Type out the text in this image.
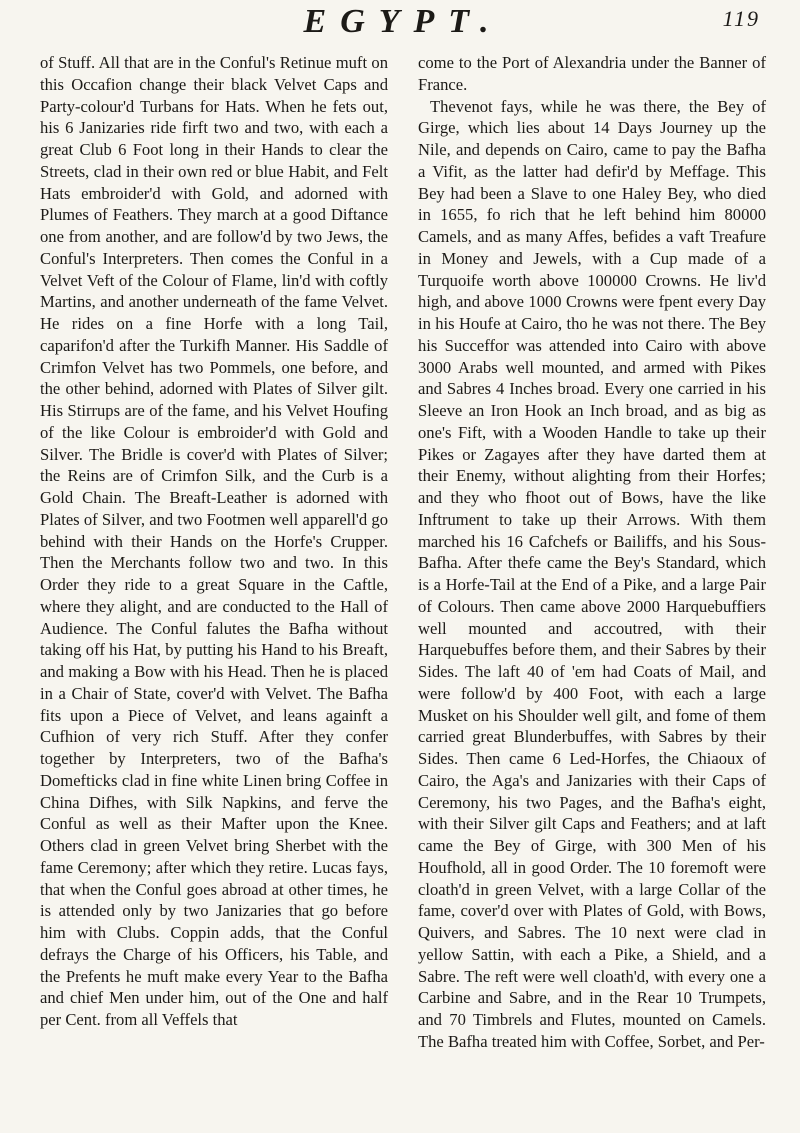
EGYPT.	119

of Stuff. All that are in the Conful's Retinue muft on this Occafion change their black Velvet Caps and Party-colour'd Turbans for Hats. When he fets out, his 6 Janizaries ride firft two and two, with each a great Club 6 Foot long in their Hands to clear the Streets, clad in their own red or blue Habit, and Felt Hats embroider'd with Gold, and adorned with Plumes of Feathers. They march at a good Diftance one from another, and are follow'd by two Jews, the Conful's Interpreters. Then comes the Conful in a Velvet Veft of the Colour of Flame, lin'd with coftly Martins, and another underneath of the fame Velvet. He rides on a fine Horfe with a long Tail, caparifon'd after the Turkifh Manner. His Saddle of Crimfon Velvet has two Pommels, one before, and the other behind, adorned with Plates of Silver gilt. His Stirrups are of the fame, and his Velvet Houfing of the like Colour is embroider'd with Gold and Silver. The Bridle is cover'd with Plates of Silver; the Reins are of Crimfon Silk, and the Curb is a Gold Chain. The Breaft-Leather is adorned with Plates of Silver, and two Footmen well apparell'd go behind with their Hands on the Horfe's Crupper. Then the Merchants follow two and two. In this Order they ride to a great Square in the Caftle, where they alight, and are conducted to the Hall of Audience. The Conful falutes the Bafha without taking off his Hat, by putting his Hand to his Breaft, and making a Bow with his Head. Then he is placed in a Chair of State, cover'd with Velvet. The Bafha fits upon a Piece of Velvet, and leans againft a Cufhion of very rich Stuff. After they confer together by Interpreters, two of the Bafha's Domefticks clad in fine white Linen bring Coffee in China Difhes, with Silk Napkins, and ferve the Conful as well as their Mafter upon the Knee. Others clad in green Velvet bring Sherbet with the fame Ceremony; after which they retire. Lucas fays, that when the Conful goes abroad at other times, he is attended only by two Janizaries that go before him with Clubs. Coppin adds, that the Conful defrays the Charge of his Officers, his Table, and the Prefents he muft make every Year to the Bafha and chief Men under him, out of the One and half per Cent. from all Veffels that

come to the Port of Alexandria under the Banner of France.

Thevenot fays, while he was there, the Bey of Girge, which lies about 14 Days Journey up the Nile, and depends on Cairo, came to pay the Bafha a Vifit, as the latter had defir'd by Meffage. This Bey had been a Slave to one Haley Bey, who died in 1655, fo rich that he left behind him 80000 Camels, and as many Affes, befides a vaft Treafure in Money and Jewels, with a Cup made of a Turquoife worth above 100000 Crowns. He liv'd high, and above 1000 Crowns were fpent every Day in his Houfe at Cairo, tho he was not there. The Bey his Succeffor was attended into Cairo with above 3000 Arabs well mounted, and armed with Pikes and Sabres 4 Inches broad. Every one carried in his Sleeve an Iron Hook an Inch broad, and as big as one's Fift, with a Wooden Handle to take up their Pikes or Zagayes after they have darted them at their Enemy, without alighting from their Horfes; and they who fhoot out of Bows, have the like Inftrument to take up their Arrows. With them marched his 16 Cafchefs or Bailiffs, and his Sous-Bafha. After thefe came the Bey's Standard, which is a Horfe-Tail at the End of a Pike, and a large Pair of Colours. Then came above 2000 Harquebuffiers well mounted and accoutred, with their Harquebuffes before them, and their Sabres by their Sides. The laft 40 of 'em had Coats of Mail, and were follow'd by 400 Foot, with each a large Musket on his Shoulder well gilt, and fome of them carried great Blunderbuffes, with Sabres by their Sides. Then came 6 Led-Horfes, the Chiaoux of Cairo, the Aga's and Janizaries with their Caps of Ceremony, his two Pages, and the Bafha's eight, with their Silver gilt Caps and Feathers; and at laft came the Bey of Girge, with 300 Men of his Houfhold, all in good Order. The 10 foremoft were cloath'd in green Velvet, with a large Collar of the fame, cover'd over with Plates of Gold, with Bows, Quivers, and Sabres. The 10 next were clad in yellow Sattin, with each a Pike, a Shield, and a Sabre. The reft were well cloath'd, with every one a Carbine and Sabre, and in the Rear 10 Trumpets, and 70 Timbrels and Flutes, mounted on Camels. The Bafha treated him with Coffee, Sorbet, and Per-
